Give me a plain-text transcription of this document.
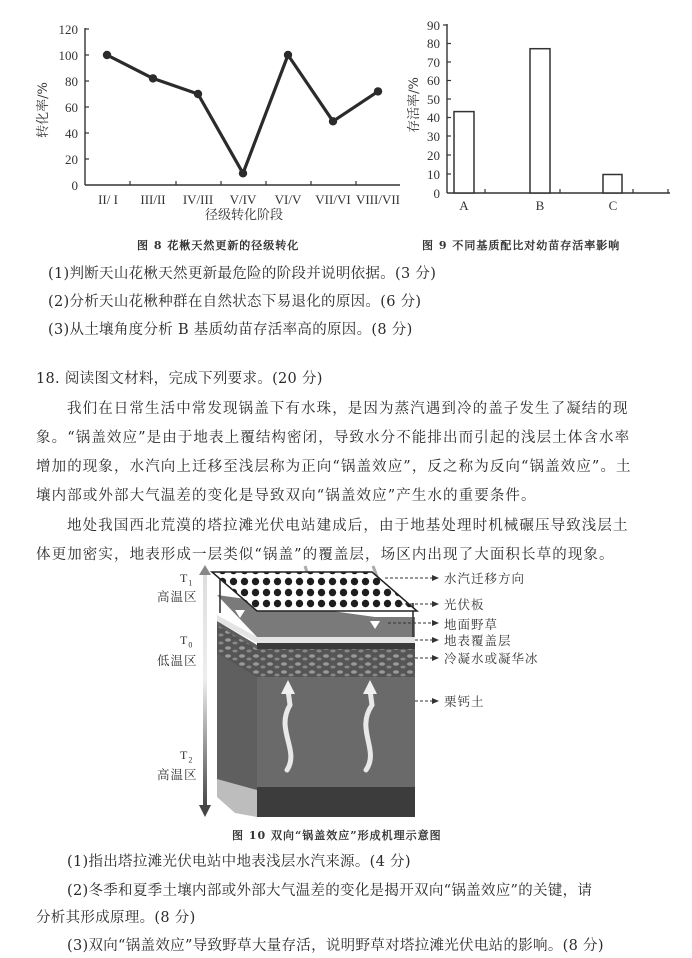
120
100
80
60
40
20
0
转化率/%
II/ I III/II IV/III V/IV VI/V VII/VI VIII/VII
径级转化阶段
90
80
70
60
50
40
30
20
10
0
存活率/%
A	B	C
图 8 花楸天然更新的径级转化	图 9 不同基质配比对幼苗存活率影响
(1)判断天山花楸天然更新最危险的阶段并说明依据。(3 分)
(2)分析天山花楸种群在自然状态下易退化的原因。(6 分)
(3)从土壤角度分析 B 基质幼苗存活率高的原因。(8 分)
18. 阅读图文材料，完成下列要求。(20 分)
我们在日常生活中常发现锅盖下有水珠，是因为蒸汽遇到冷的盖子发生了凝结的现
象。“锅盖效应”是由于地表上覆结构密闭，导致水分不能排出而引起的浅层土体含水率
增加的现象，水汽向上迁移至浅层称为正向“锅盖效应”，反之称为反向“锅盖效应”。土
壤内部或外部大气温差的变化是导致双向“锅盖效应”产生水的重要条件。
地处我国西北荒漠的塔拉滩光伏电站建成后，由于地基处理时机械碾压导致浅层土
体更加密实，地表形成一层类似“锅盖”的覆盖层，场区内出现了大面积长草的现象。
$T_1$
高温区
$T_0$
低温区
$T_2$
高温区
水汽迁移方向
光伏板
地面野草
地表覆盖层
冷凝水或凝华冰
栗钙土
图 10 双向“锅盖效应”形成机理示意图
(1)指出塔拉滩光伏电站中地表浅层水汽来源。(4 分)
(2)冬季和夏季土壤内部或外部大气温差的变化是揭开双向“锅盖效应”的关键，请
分析其形成原理。(8 分)
(3)双向“锅盖效应”导致野草大量存活，说明野草对塔拉滩光伏电站的影响。(8 分)
